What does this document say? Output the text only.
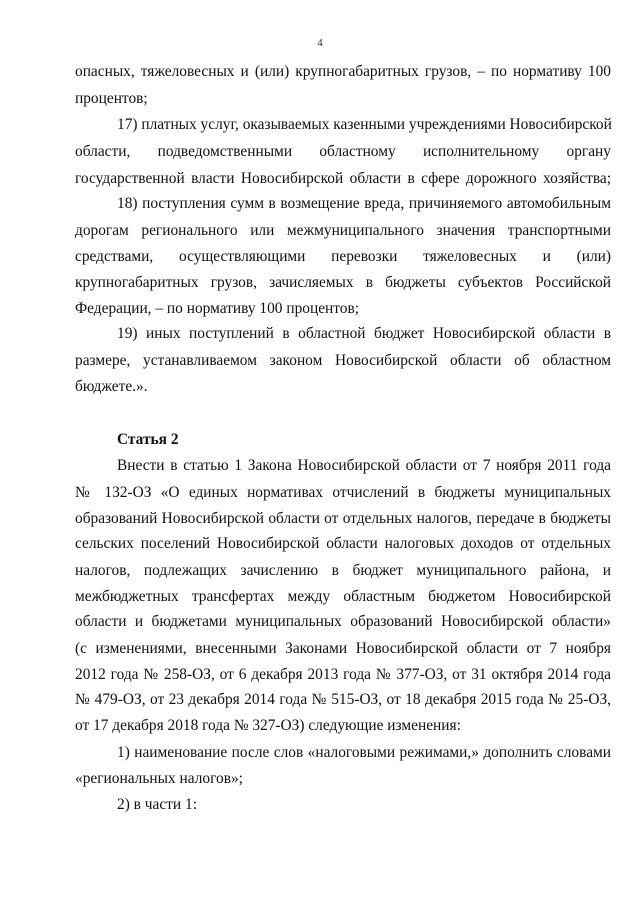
4
опасных, тяжеловесных и (или) крупногабаритных грузов, – по нормативу 100
процентов;
17) платных услуг, оказываемых казенными учреждениями Новосибирской
области, подведомственными областному исполнительному органу
государственной власти Новосибирской области в сфере дорожного хозяйства;
18) поступления сумм в возмещение вреда, причиняемого автомобильным
дорогам регионального или межмуниципального значения транспортными
средствами, осуществляющими перевозки тяжеловесных и (или)
крупногабаритных грузов, зачисляемых в бюджеты субъектов Российской
Федерации, – по нормативу 100 процентов;
19) иных поступлений в областной бюджет Новосибирской области в
размере, устанавливаемом законом Новосибирской области об областном
бюджете.».
Статья 2
Внести в статью 1 Закона Новосибирской области от 7 ноября 2011 года
№ 132-ОЗ «О единых нормативах отчислений в бюджеты муниципальных
образований Новосибирской области от отдельных налогов, передаче в бюджеты
сельских поселений Новосибирской области налоговых доходов от отдельных
налогов, подлежащих зачислению в бюджет муниципального района, и
межбюджетных трансфертах между областным бюджетом Новосибирской
области и бюджетами муниципальных образований Новосибирской области»
(с изменениями, внесенными Законами Новосибирской области от 7 ноября
2012 года № 258-ОЗ, от 6 декабря 2013 года № 377-ОЗ, от 31 октября 2014 года
№ 479-ОЗ, от 23 декабря 2014 года № 515-ОЗ, от 18 декабря 2015 года № 25-ОЗ,
от 17 декабря 2018 года № 327-ОЗ) следующие изменения:
1) наименование после слов «налоговыми режимами,» дополнить словами
«региональных налогов»;
2) в части 1:
